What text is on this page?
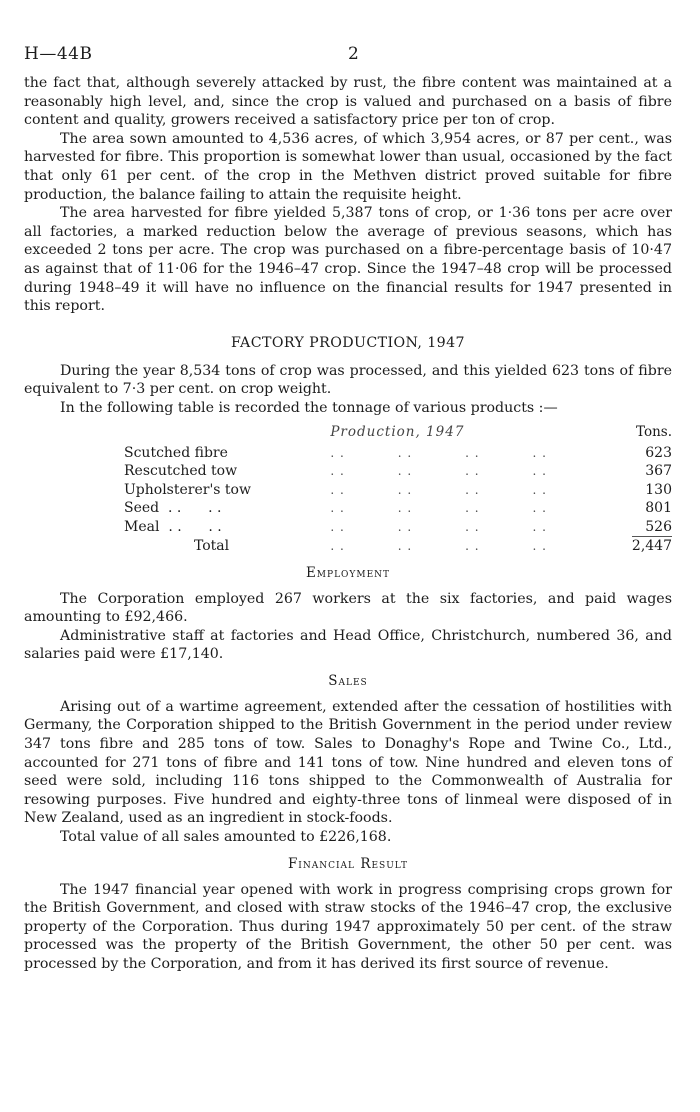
H—44B	2

the fact that, although severely attacked by rust, the fibre content was maintained at a reasonably high level, and, since the crop is valued and purchased on a basis of fibre content and quality, growers received a satisfactory price per ton of crop.

The area sown amounted to 4,536 acres, of which 3,954 acres, or 87 per cent., was harvested for fibre. This proportion is somewhat lower than usual, occasioned by the fact that only 61 per cent. of the crop in the Methven district proved suitable for fibre production, the balance failing to attain the requisite height.

The area harvested for fibre yielded 5,387 tons of crop, or 1·36 tons per acre over all factories, a marked reduction below the average of previous seasons, which has exceeded 2 tons per acre. The crop was purchased on a fibre-percentage basis of 10·47 as against that of 11·06 for the 1946–47 crop. Since the 1947–48 crop will be processed during 1948–49 it will have no influence on the financial results for 1947 presented in this report.

FACTORY PRODUCTION, 1947

During the year 8,534 tons of crop was processed, and this yielded 623 tons of fibre equivalent to 7·3 per cent. on crop weight.

In the following table is recorded the tonnage of various products :—

	Production, 1947	Tons.
Scutched fibre	. .           . .           . .           . .	623
Rescutched tow	. .           . .           . .           . .	367
Upholsterer's tow	. .           . .           . .           . .	130
Seed  . .      . .	. .           . .           . .           . .	801
Meal  . .      . .	. .           . .           . .           . .	526
Total	. .           . .           . .           . .	2,447
Employment

The Corporation employed 267 workers at the six factories, and paid wages amounting to £92,466.

Administrative staff at factories and Head Office, Christchurch, numbered 36, and salaries paid were £17,140.

Sales

Arising out of a wartime agreement, extended after the cessation of hostilities with Germany, the Corporation shipped to the British Government in the period under review 347 tons fibre and 285 tons of tow. Sales to Donaghy's Rope and Twine Co., Ltd., accounted for 271 tons of fibre and 141 tons of tow. Nine hundred and eleven tons of seed were sold, including 116 tons shipped to the Commonwealth of Australia for resowing purposes. Five hundred and eighty-three tons of linmeal were disposed of in New Zealand, used as an ingredient in stock-foods.

Total value of all sales amounted to £226,168.

Financial Result

The 1947 financial year opened with work in progress comprising crops grown for the British Government, and closed with straw stocks of the 1946–47 crop, the exclusive property of the Corporation. Thus during 1947 approximately 50 per cent. of the straw processed was the property of the British Government, the other 50 per cent. was processed by the Corporation, and from it has derived its first source of revenue.
